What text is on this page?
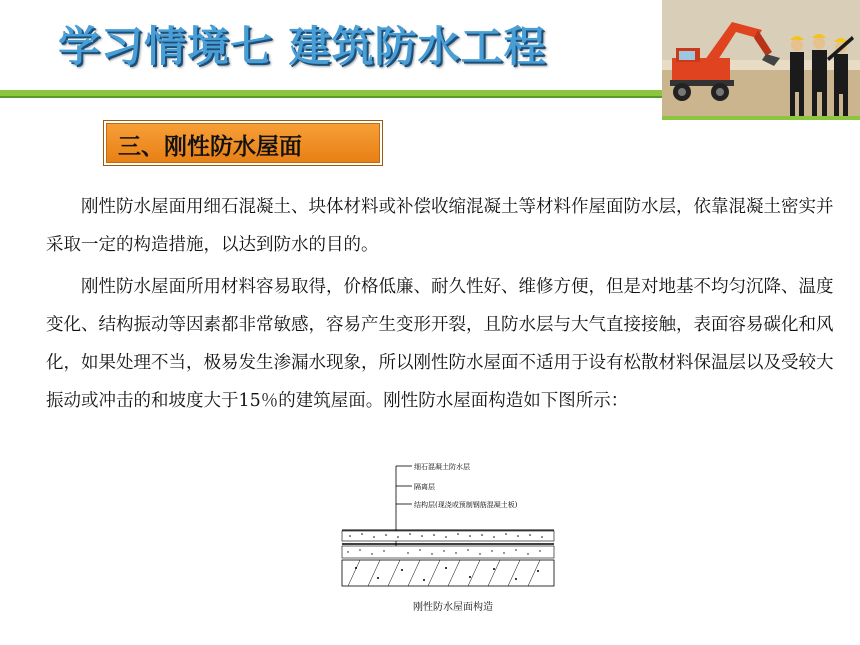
学习情境七 建筑防水工程
三、刚性防水屋面

　　刚性防水屋面用细石混凝土、块体材料或补偿收缩混凝土等材料作屋面防水层，依靠混凝土密实并采取一定的构造措施，以达到防水的目的。

　　刚性防水屋面所用材料容易取得，价格低廉、耐久性好、维修方便，但是对地基不均匀沉降、温度变化、结构振动等因素都非常敏感，容易产生变形开裂，且防水层与大气直接接触，表面容易碳化和风化，如果处理不当，极易发生渗漏水现象，所以刚性防水屋面不适用于设有松散材料保温层以及受较大振动或冲击的和坡度大于15％的建筑屋面。刚性防水屋面构造如下图所示：

细石混凝土防水层
隔离层
结构层(现浇或预制钢筋混凝土板)
刚性防水屋面构造
